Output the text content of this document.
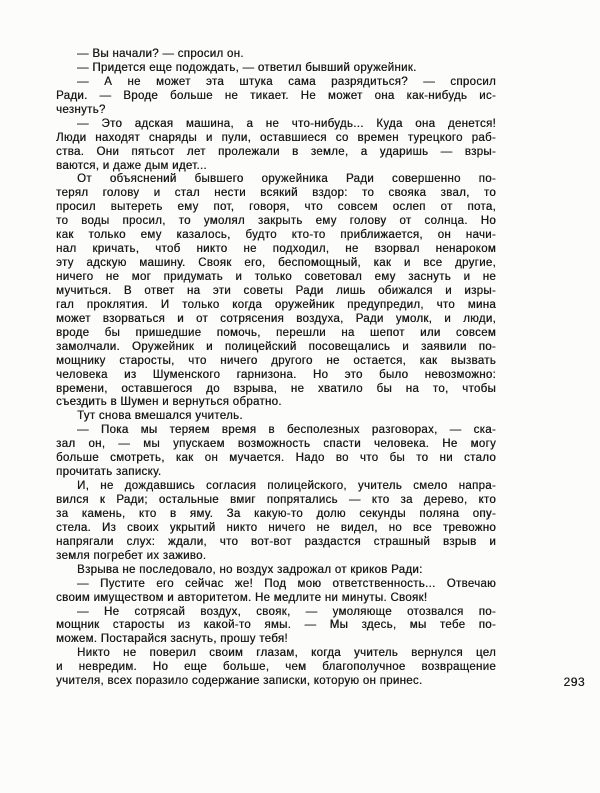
— Вы начали? — спросил он.
— Придется еще подождать, — ответил бывший оружейник.
— А не может эта штука сама разрядиться? — спросил
Ради. — Вроде больше не тикает. Не может она как-нибудь ис-
чезнуть?
— Это адская машина, а не что-нибудь... Куда она денется!
Люди находят снаряды и пули, оставшиеся со времен турецкого раб-
ства. Они пятьсот лет пролежали в земле, а ударишь — взры-
ваются, и даже дым идет...
От объяснений бывшего оружейника Ради совершенно по-
терял голову и стал нести всякий вздор: то свояка звал, то
просил вытереть ему пот, говоря, что совсем ослеп от пота,
то воды просил, то умолял закрыть ему голову от солнца. Но
как только ему казалось, будто кто-то приближается, он начи-
нал кричать, чтоб никто не подходил, не взорвал ненароком
эту адскую машину. Свояк его, беспомощный, как и все другие,
ничего не мог придумать и только советовал ему заснуть и не
мучиться. В ответ на эти советы Ради лишь обижался и изры-
гал проклятия. И только когда оружейник предупредил, что мина
может взорваться и от сотрясения воздуха, Ради умолк, и люди,
вроде бы пришедшие помочь, перешли на шепот или совсем
замолчали. Оружейник и полицейский посовещались и заявили по-
мощнику старосты, что ничего другого не остается, как вызвать
человека из Шуменского гарнизона. Но это было невозможно:
времени, оставшегося до взрыва, не хватило бы на то, чтобы
съездить в Шумен и вернуться обратно.
Тут снова вмешался учитель.
— Пока мы теряем время в бесполезных разговорах, — ска-
зал он, — мы упускаем возможность спасти человека. Не могу
больше смотреть, как он мучается. Надо во что бы то ни стало
прочитать записку.
И, не дождавшись согласия полицейского, учитель смело напра-
вился к Ради; остальные вмиг попрятались — кто за дерево, кто
за камень, кто в яму. За какую-то долю секунды поляна опу-
стела. Из своих укрытий никто ничего не видел, но все тревожно
напрягали слух: ждали, что вот-вот раздастся страшный взрыв и
земля погребет их заживо.
Взрыва не последовало, но воздух задрожал от криков Ради:
— Пустите его сейчас же! Под мою ответственность... Отвечаю
своим имуществом и авторитетом. Не медлите ни минуты. Свояк!
— Не сотрясай воздух, свояк, — умоляюще отозвался по-
мощник старосты из какой-то ямы. — Мы здесь, мы тебе по-
можем. Постарайся заснуть, прошу тебя!
Никто не поверил своим глазам, когда учитель вернулся цел
и невредим. Но еще больше, чем благополучное возвращение
учителя, всех поразило содержание записки, которую он принес.	293
